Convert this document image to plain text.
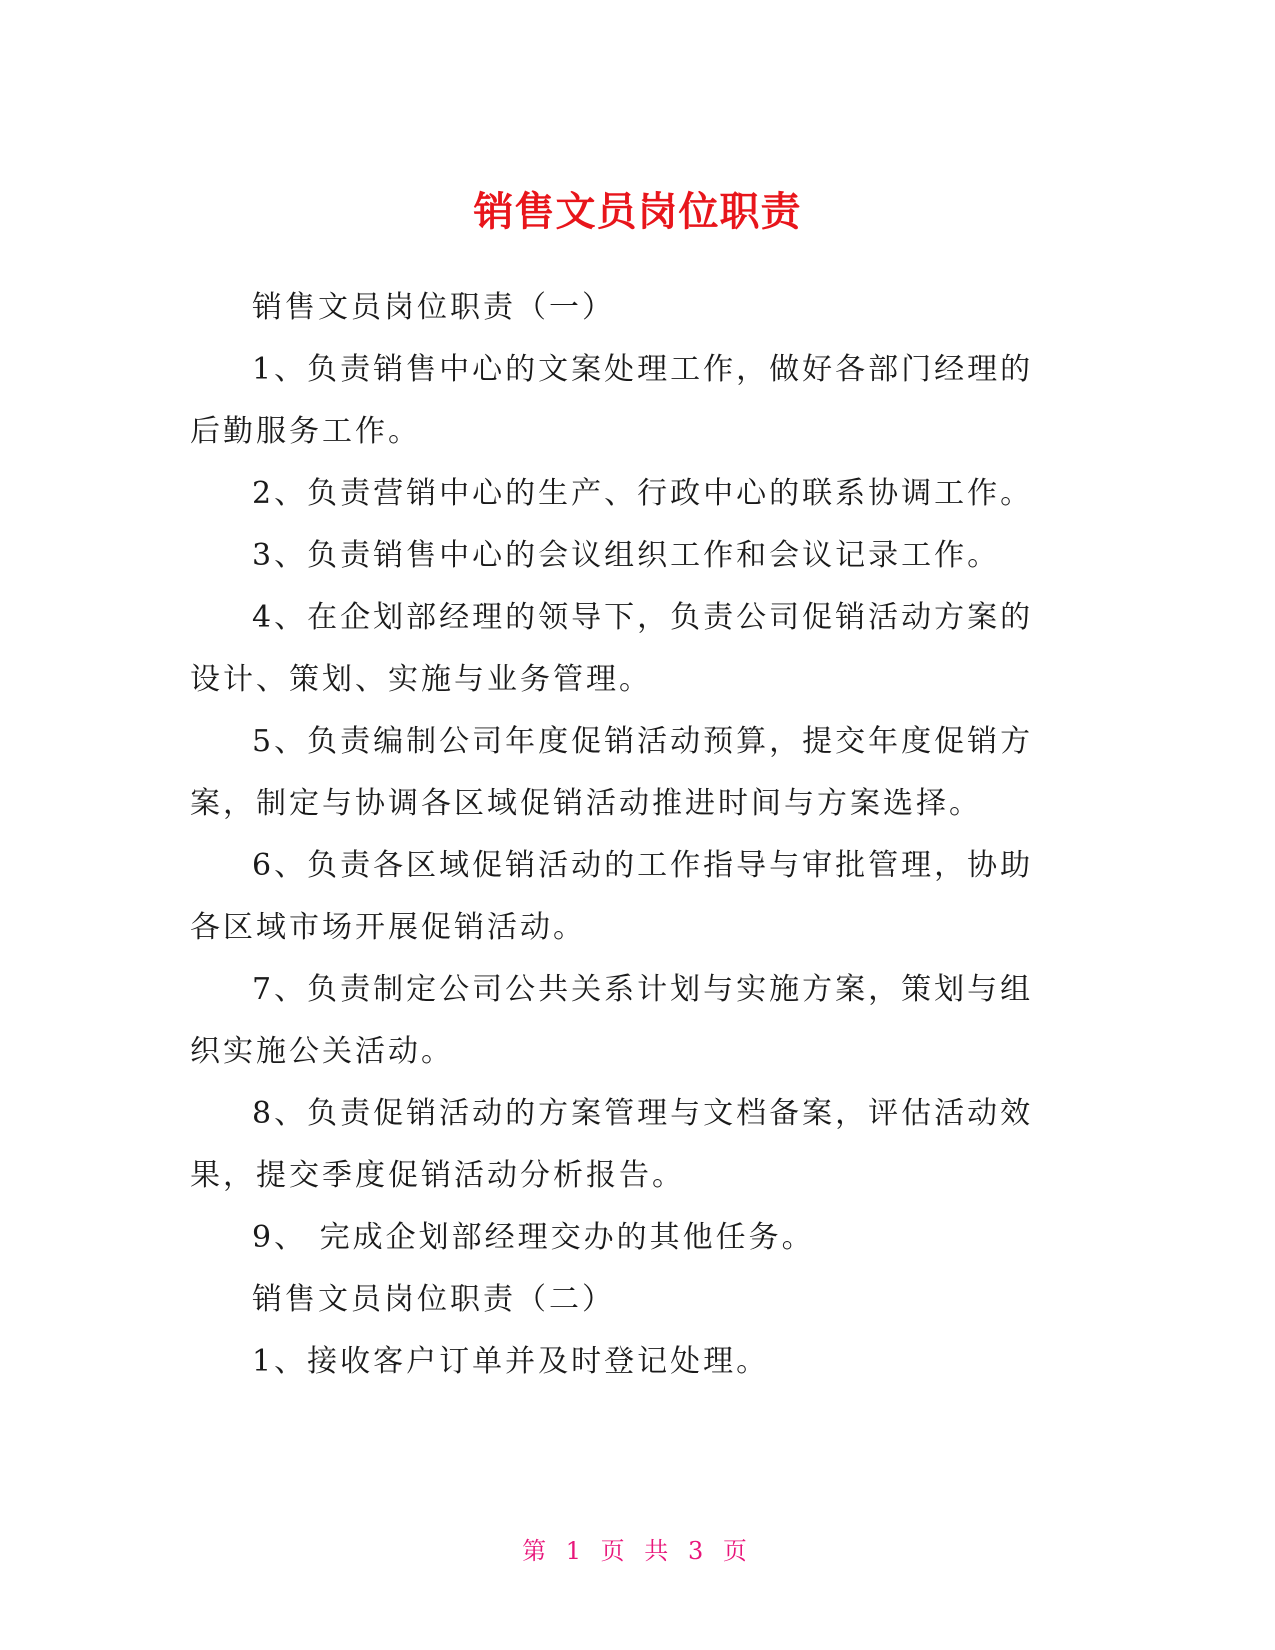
销售文员岗位职责

销售文员岗位职责（一）

1、负责销售中心的文案处理工作，做好各部门经理的后勤服务工作。

2、负责营销中心的生产、行政中心的联系协调工作。

3、负责销售中心的会议组织工作和会议记录工作。

4、在企划部经理的领导下，负责公司促销活动方案的设计、策划、实施与业务管理。

5、负责编制公司年度促销活动预算，提交年度促销方案，制定与协调各区域促销活动推进时间与方案选择。

6、负责各区域促销活动的工作指导与审批管理，协助各区域市场开展促销活动。

7、负责制定公司公共关系计划与实施方案，策划与组织实施公关活动。

8、负责促销活动的方案管理与文档备案，评估活动效果，提交季度促销活动分析报告。

9、 完成企划部经理交办的其他任务。

销售文员岗位职责（二）

1、接收客户订单并及时登记处理。

第 1 页 共 3 页
